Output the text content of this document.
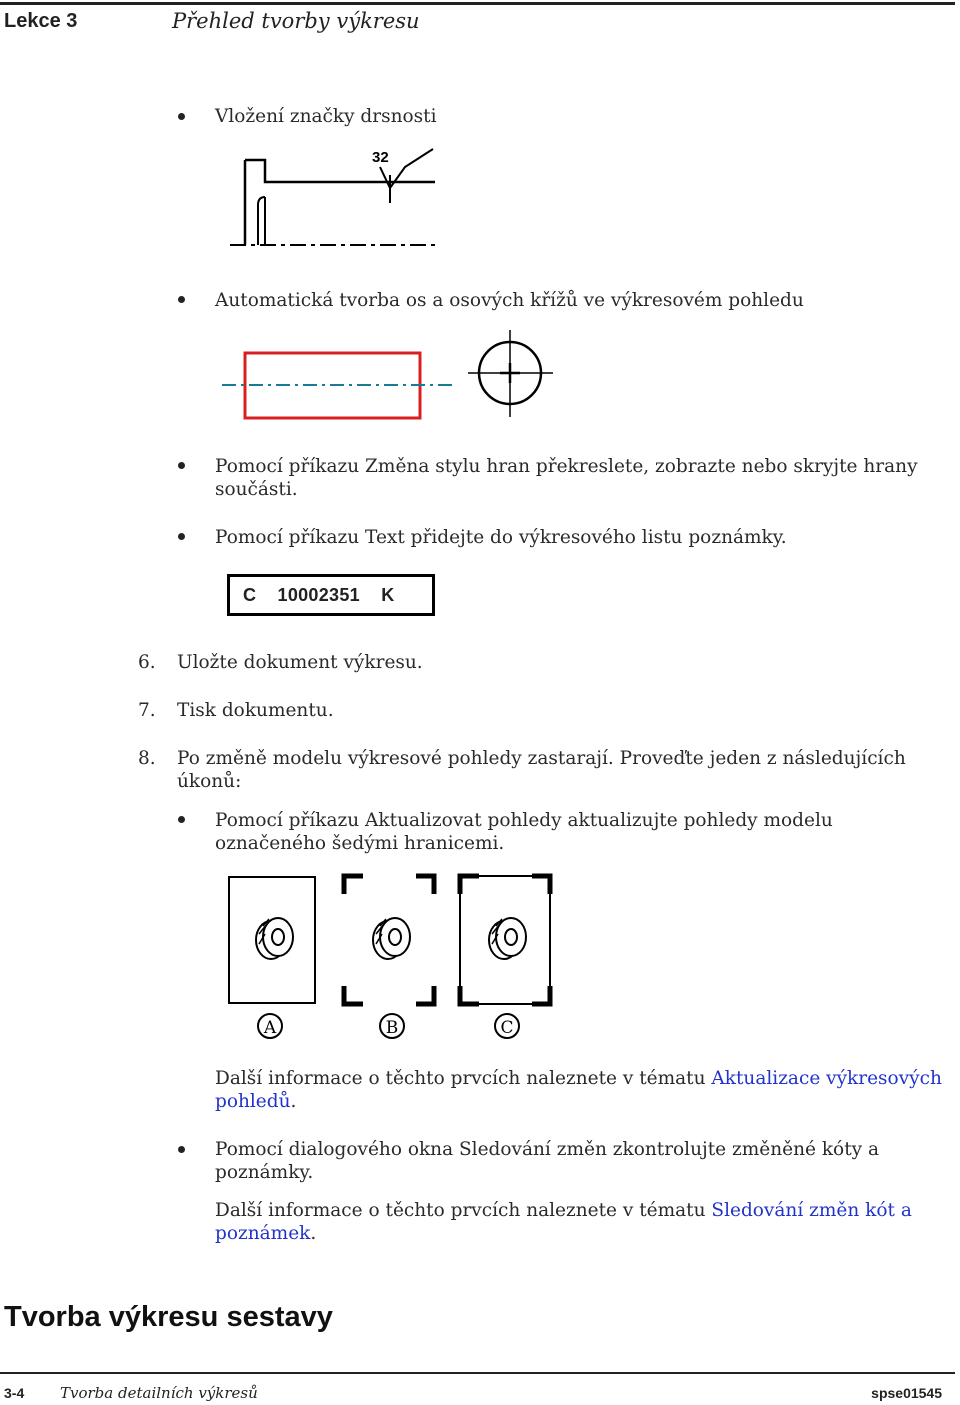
Lekce 3	Přehled tvorby výkresu
Vložení značky drsnosti
32
Automatická tvorba os a osových křížů ve výkresovém pohledu
Pomocí příkazu Změna stylu hran překreslete, zobrazte nebo skryjte hrany součásti.
Pomocí příkazu Text přidejte do výkresového listu poznámky.
C    10002351    K
6. Uložte dokument výkresu.
7. Tisk dokumentu.
8. Po změně modelu výkresové pohledy zastarají. Proveďte jeden z následujících úkonů:
Pomocí příkazu Aktualizovat pohledy aktualizujte pohledy modelu označeného šedými hranicemi.
A	B	C
Další informace o těchto prvcích naleznete v tématu Aktualizace výkresových pohledů.
Pomocí dialogového okna Sledování změn zkontrolujte změněné kóty a poznámky.
Další informace o těchto prvcích naleznete v tématu Sledování změn kót a poznámek.
Tvorba výkresu sestavy
3-4 Tvorba detailních výkresů	spse01545
